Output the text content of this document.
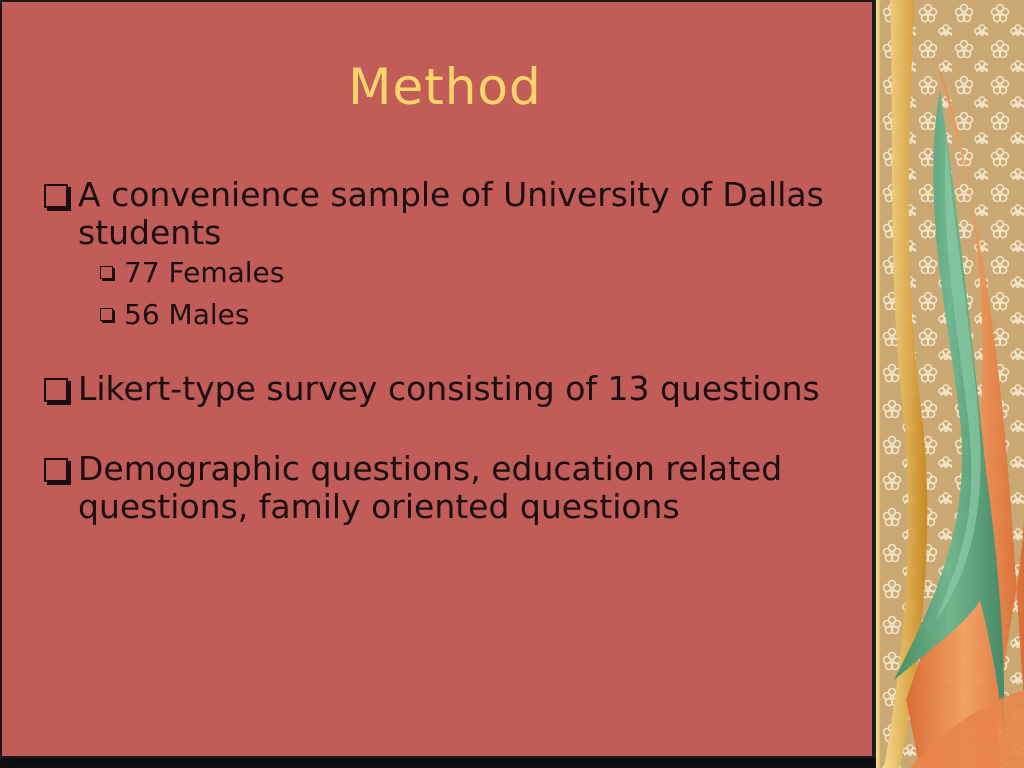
Method
A convenience sample of University of Dallas students
77 Females
56 Males
Likert-type survey consisting of 13 questions
Demographic questions, education related questions, family oriented questions
